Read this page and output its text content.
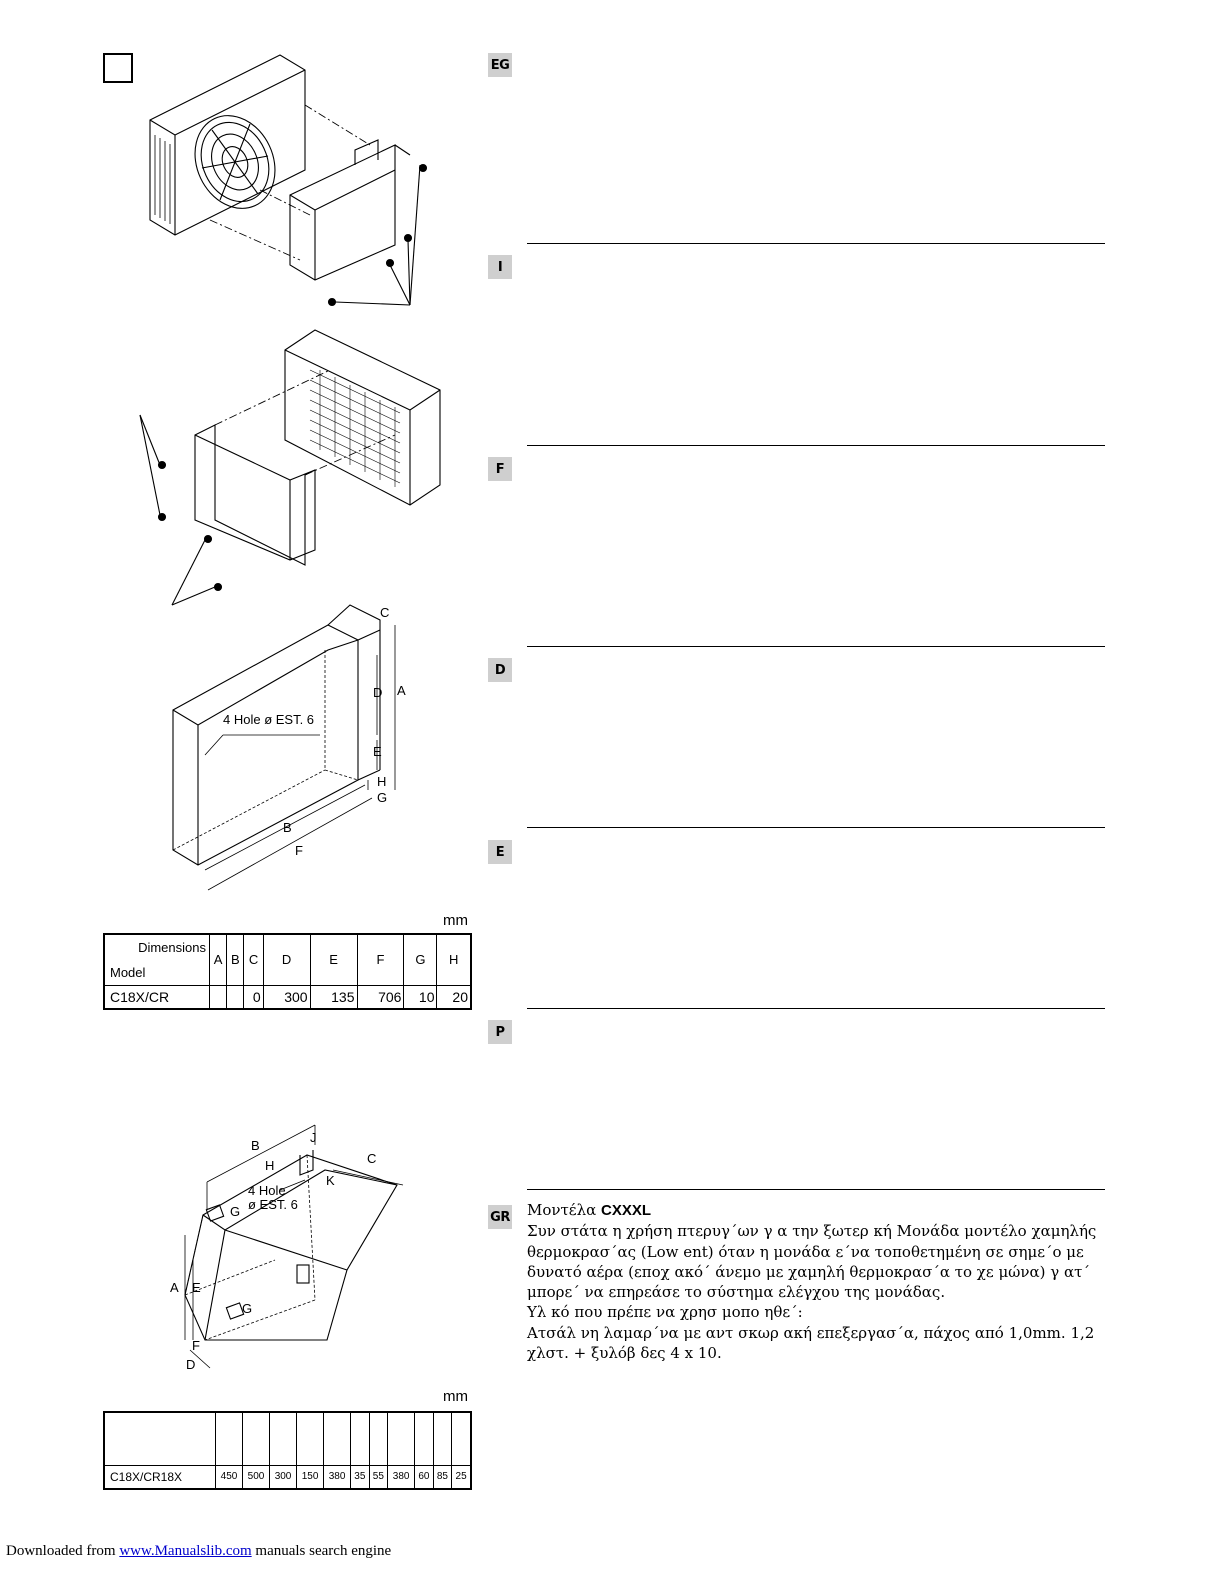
C
A
D
E
H
G
B
F
4 Hole ø EST. 6
mm
Dimensions
Model	A	B	C	D	E	F	G	H
C18X/CR			0	300	135	706	10	20
B
J
C
H
K
4 Hole
ø EST. 6
G
A E
G
F
D
mm

C18X/CR18X	450	500	300	150	380	35	55	380	60	85	25
EG
I
F
D
E
P
GR Μοντέλα CXXXL
Συν στάτα η χρήση πτερυγ΄ων γ α την ξωτερ κή Μονάδα μοντέλο χαμηλής
θερμοκρασ΄ας (Low ent) όταν η μονάδα ε΄να τοποθετημένη σε σημε΄ο με
δυνατό αέρα (εποχ ακό΄ άνεμο με χαμηλή θερμοκρασ΄α το χε μώνα) γ ατ΄
μπορε΄ να επηρεάσε το σύστημα ελέγχου της μονάδας.
Υλ κό που πρέπε να χρησ μοπο ηθε΄:
Ατσάλ νη λαμαρ΄να με αντ σκωρ ακή επεξεργασ΄α, πάχος από 1,0mm. 1,2
χλστ. + ξυλόβ δες 4 x 10.
Downloaded from www.Manualslib.com manuals search engine
